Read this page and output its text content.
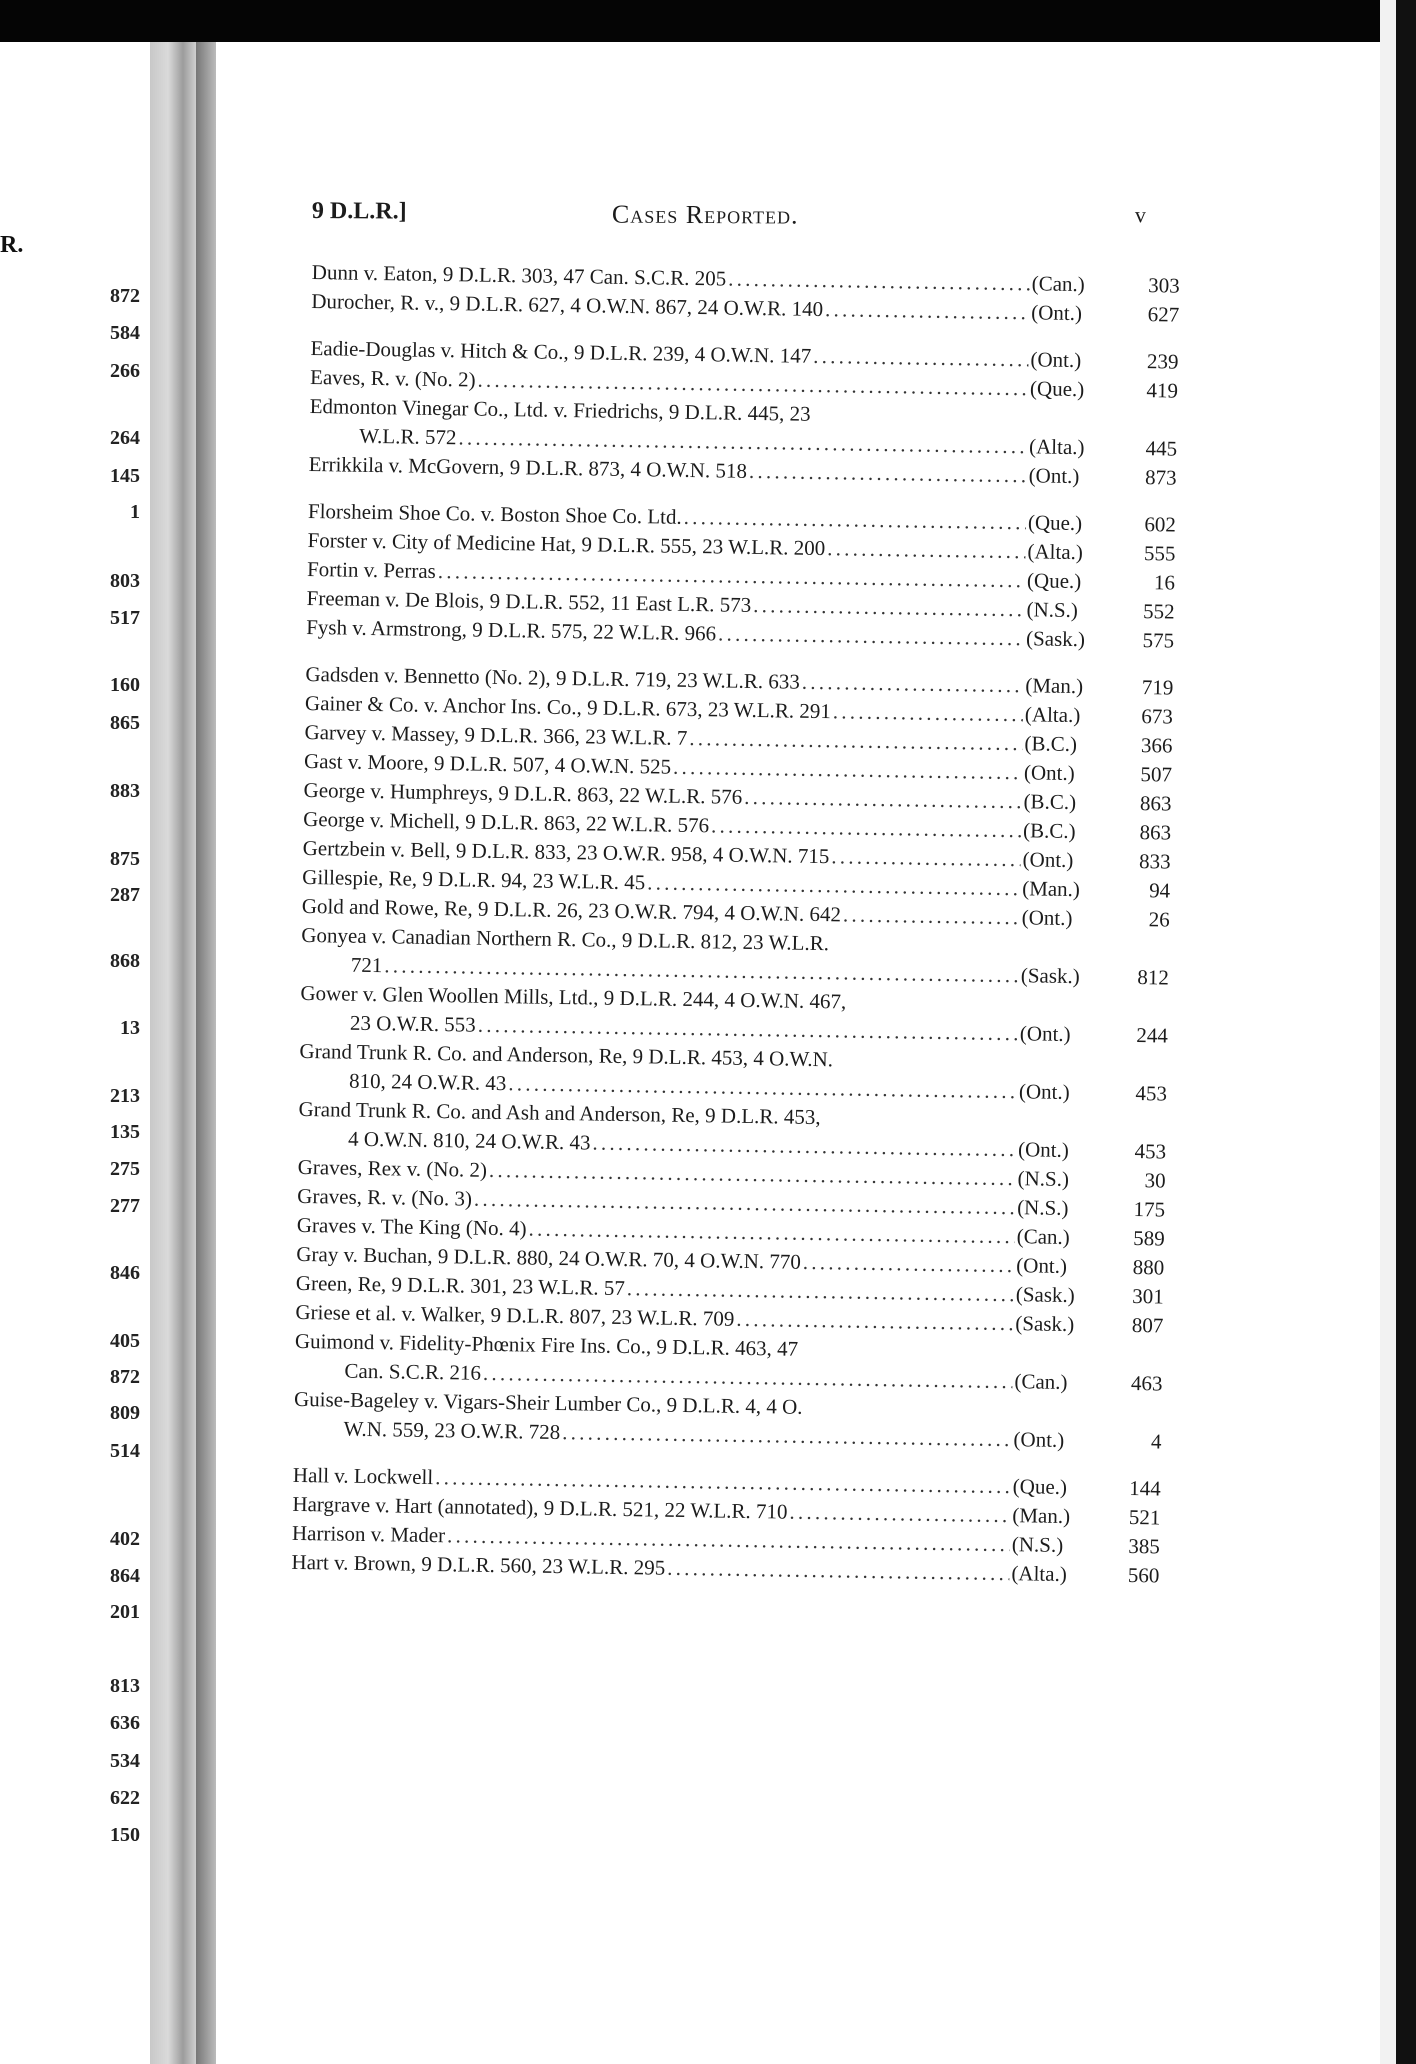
R.
872
584
266
264
145
1
803
517
160
865
883
875
287
868
13
213
135
275
277
846
405
872
809
514
402
864
201
813
636
534
622
150
9 D.L.R.]	Cases Reported.	v
Dunn v. Eaton, 9 D.L.R. 303, 47 Can. S.C.R. 205 . . .	(Can.)	303
Durocher, R. v., 9 D.L.R. 627, 4 O.W.N. 867, 24 O.W.R. 140 . . .	(Ont.)	627
Eadie-Douglas v. Hitch & Co., 9 D.L.R. 239, 4 O.W.N. 147 . . .	(Ont.)	239
Eaves, R. v. (No. 2) . . .	(Que.)	419
Edmonton Vinegar Co., Ltd. v. Friedrichs, 9 D.L.R. 445, 23
W.L.R. 572 . . .	(Alta.)	445
Errikkila v. McGovern, 9 D.L.R. 873, 4 O.W.N. 518 . . .	(Ont.)	873
Florsheim Shoe Co. v. Boston Shoe Co. Ltd. . . .	(Que.)	602
Forster v. City of Medicine Hat, 9 D.L.R. 555, 23 W.L.R. 200 . . .	(Alta.)	555
Fortin v. Perras . . .	(Que.)	16
Freeman v. De Blois, 9 D.L.R. 552, 11 East L.R. 573 . . .	(N.S.)	552
Fysh v. Armstrong, 9 D.L.R. 575, 22 W.L.R. 966 . . .	(Sask.)	575
Gadsden v. Bennetto (No. 2), 9 D.L.R. 719, 23 W.L.R. 633 . . .	(Man.)	719
Gainer & Co. v. Anchor Ins. Co., 9 D.L.R. 673, 23 W.L.R. 291 . . .	(Alta.)	673
Garvey v. Massey, 9 D.L.R. 366, 23 W.L.R. 7 . . .	(B.C.)	366
Gast v. Moore, 9 D.L.R. 507, 4 O.W.N. 525 . . .	(Ont.)	507
George v. Humphreys, 9 D.L.R. 863, 22 W.L.R. 576 . . .	(B.C.)	863
George v. Michell, 9 D.L.R. 863, 22 W.L.R. 576 . . .	(B.C.)	863
Gertzbein v. Bell, 9 D.L.R. 833, 23 O.W.R. 958, 4 O.W.N. 715 . . .	(Ont.)	833
Gillespie, Re, 9 D.L.R. 94, 23 W.L.R. 45 . . .	(Man.)	94
Gold and Rowe, Re, 9 D.L.R. 26, 23 O.W.R. 794, 4 O.W.N. 642 . . .	(Ont.)	26
Gonyea v. Canadian Northern R. Co., 9 D.L.R. 812, 23 W.L.R.
721 . . .	(Sask.)	812
Gower v. Glen Woollen Mills, Ltd., 9 D.L.R. 244, 4 O.W.N. 467,
23 O.W.R. 553 . . .	(Ont.)	244
Grand Trunk R. Co. and Anderson, Re, 9 D.L.R. 453, 4 O.W.N.
810, 24 O.W.R. 43 . . .	(Ont.)	453
Grand Trunk R. Co. and Ash and Anderson, Re, 9 D.L.R. 453,
4 O.W.N. 810, 24 O.W.R. 43 . . .	(Ont.)	453
Graves, Rex v. (No. 2) . . .	(N.S.)	30
Graves, R. v. (No. 3) . . .	(N.S.)	175
Graves v. The King (No. 4) . . .	(Can.)	589
Gray v. Buchan, 9 D.L.R. 880, 24 O.W.R. 70, 4 O.W.N. 770 . . .	(Ont.)	880
Green, Re, 9 D.L.R. 301, 23 W.L.R. 57 . . .	(Sask.)	301
Griese et al. v. Walker, 9 D.L.R. 807, 23 W.L.R. 709 . . .	(Sask.)	807
Guimond v. Fidelity-Phœnix Fire Ins. Co., 9 D.L.R. 463, 47
Can. S.C.R. 216 . . .	(Can.)	463
Guise-Bageley v. Vigars-Sheir Lumber Co., 9 D.L.R. 4, 4 O.
W.N. 559, 23 O.W.R. 728 . . .	(Ont.)	4
Hall v. Lockwell . . .	(Que.)	144
Hargrave v. Hart (annotated), 9 D.L.R. 521, 22 W.L.R. 710 . . .	(Man.)	521
Harrison v. Mader . . .	(N.S.)	385
Hart v. Brown, 9 D.L.R. 560, 23 W.L.R. 295 . . .	(Alta.)	560
